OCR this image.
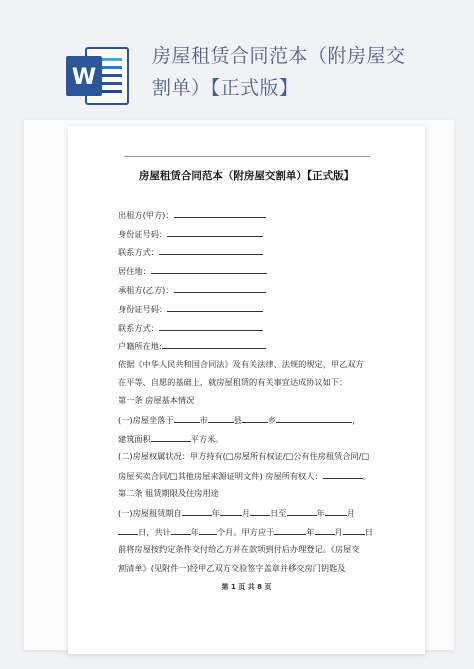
W
房屋租赁合同范本（附房屋交
割单）【正式版】
房屋租赁合同范本（附房屋交割单）【正式版】
出租方(甲方)：
身份证号码：
联系方式：
居住地：
承租方(乙方)：
身份证号码：
联系方式：
户籍所在地:
依据《中华人民共和国合同法》及有关法律、法规的规定，甲乙双方
在平等、自愿的基础上，就房屋租赁的有关事宜达成协议如下：
第一条 房屋基本情况
(一)房屋坐落于	市	县	乡	，
建筑面积	平方米。
(二)房屋权属状况：甲方持有(□房屋所有权证/□公有住房租赁合同/□
房屋买卖合同/□其他房屋来源证明文件) 房屋所有权人：	。
第二条 租赁期限及住房用途
(一)房屋租赁期自	年	月 日至	年	月
日，共计 年 个月。甲方应于	年 月	日
前将房屋按约定条件交付给乙方并在款项到付后办理登记。《房屋交
割清单》(见附件一)经甲乙双方交验签字盖章并移交房门钥匙及
第 1 页 共 8 页
